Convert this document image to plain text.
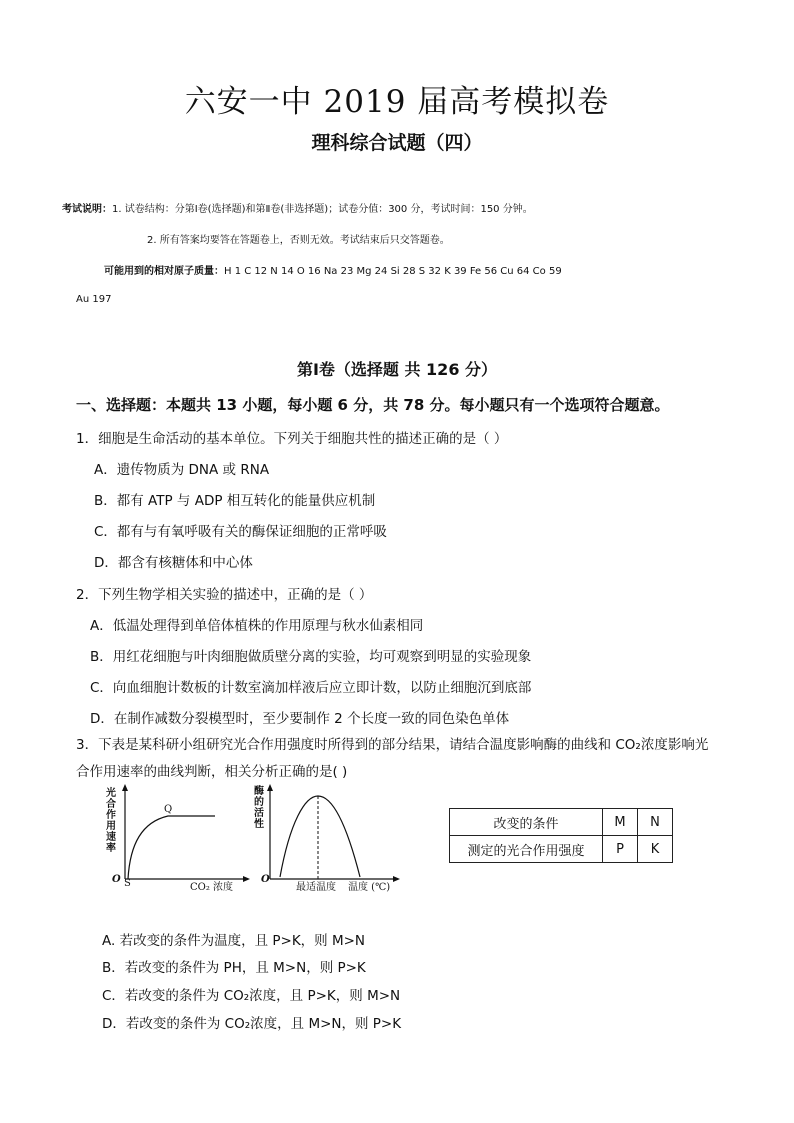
六安一中 2019 届高考模拟卷
理科综合试题（四）
考试说明：1. 试卷结构：分第Ⅰ卷(选择题)和第Ⅱ卷(非选择题)；试卷分值：300 分，考试时间：150 分钟。
2. 所有答案均要答在答题卷上，否则无效。考试结束后只交答题卷。
可能用到的相对原子质量：H 1 C 12 N 14 O 16 Na 23 Mg 24 Si 28 S 32 K 39 Fe 56 Cu 64 Co 59
Au 197
第Ⅰ卷（选择题 共 126 分）
一、选择题：本题共 13 小题，每小题 6 分，共 78 分。每小题只有一个选项符合题意。
1．细胞是生命活动的基本单位。下列关于细胞共性的描述正确的是（ ）
A．遗传物质为 DNA 或 RNA
B．都有 ATP 与 ADP 相互转化的能量供应机制
C．都有与有氧呼吸有关的酶保证细胞的正常呼吸
D．都含有核糖体和中心体
2．下列生物学相关实验的描述中，正确的是（ ）
A．低温处理得到单倍体植株的作用原理与秋水仙素相同
B．用红花细胞与叶肉细胞做质壁分离的实验，均可观察到明显的实验现象
C．向血细胞计数板的计数室滴加样液后应立即计数，以防止细胞沉到底部
D．在制作减数分裂模型时，至少要制作 2 个长度一致的同色染色单体
3．下表是某科研小组研究光合作用强度时所得到的部分结果，请结合温度影响酶的曲线和 CO₂浓度影响光
合作用速率的曲线判断，相关分析正确的是( )
光合作用速率
O S
Q
CO₂ 浓度
酶的活性
O
最适温度 温度 (℃)
改变的条件	M	N
测定的光合作用强度	P	K
A. 若改变的条件为温度，且 P>K，则 M>N
B．若改变的条件为 PH，且 M>N，则 P>K
C．若改变的条件为 CO₂浓度，且 P>K，则 M>N
D．若改变的条件为 CO₂浓度，且 M>N，则 P>K
